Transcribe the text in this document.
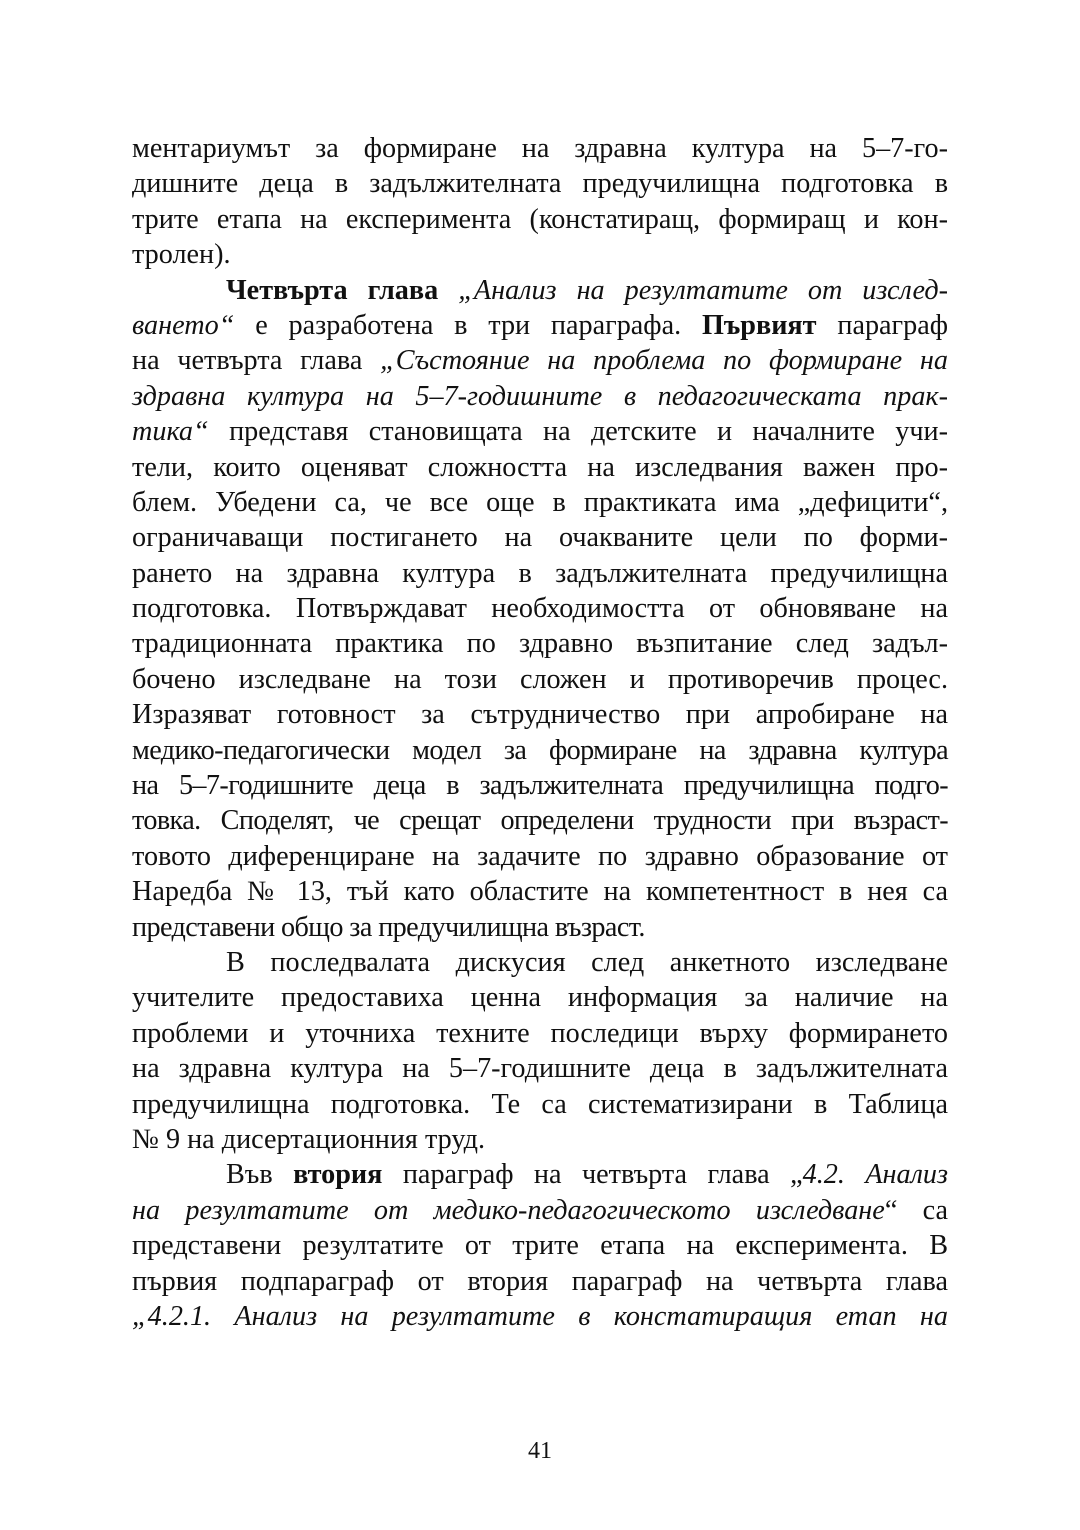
ментариумът за формиране на здравна култура на 5–7-го-
дишните деца в задължителната предучилищна подготовка в
трите етапа на експеримента (констатиращ, формиращ и кон-
тролен).
Четвърта глава „Анализ на резултатите от изслед-
ването“ е разработена в три параграфа. Първият параграф
на четвърта глава „Състояние на проблема по формиране на
здравна култура на 5–7-годишните в педагогическата прак-
тика“ представя становищата на детските и началните учи-
тели, които оценяват сложността на изследвания важен про-
блем. Убедени са, че все още в практиката има „дефицити“,
ограничаващи постигането на очакваните цели по форми-
рането на здравна култура в задължителната предучилищна
подготовка. Потвърждават необходимостта от обновяване на
традиционната практика по здравно възпитание след задъл-
бочено изследване на този сложен и противоречив процес.
Изразяват готовност за сътрудничество при апробиране на
медико-педагогически модел за формиране на здравна култура
на 5–7-годишните деца в задължителната предучилищна подго-
товка. Споделят, че срещат определени трудности при възраст-
товото диференциране на задачите по здравно образование от
Наредба № 13, тъй като областите на компетентност в нея са
представени общо за предучилищна възраст.
В последвалата дискусия след анкетното изследване
учителите предоставиха ценна информация за наличие на
проблеми и уточниха техните последици върху формирането
на здравна култура на 5–7-годишните деца в задължителната
предучилищна подготовка. Те са систематизирани в Таблица
№ 9 на дисертационния труд.
Във втория параграф на четвърта глава „4.2. Анализ
на резултатите от медико-педагогическото изследване“ са
представени резултатите от трите етапа на експеримента. В
първия подпараграф от втория параграф на четвърта глава
„4.2.1. Анализ на резултатите в констатиращия етап на
41
